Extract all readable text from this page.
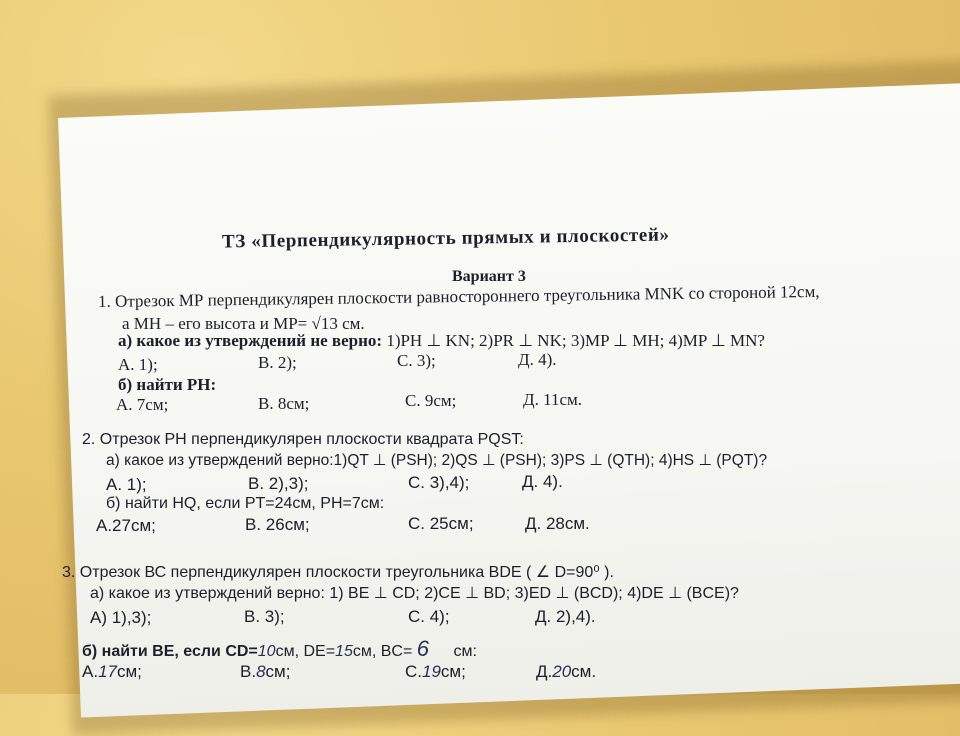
ТЗ «Перпендикулярность прямых и плоскостей»
Вариант 3
1. Отрезок МР перпендикулярен плоскости равностороннего треугольника MNK со стороной 12см,
а МН – его высота и MP= √13 см.
а) какое из утверждений не верно: 1)PH ⊥ KN; 2)PR ⊥ NK; 3)MP ⊥ MH; 4)MP ⊥ MN?
A. 1);	B. 2);	C. 3);	Д. 4).
б) найти РН:
А. 7см;	В. 8см;	С. 9см;	Д. 11см.
2. Отрезок РН перпендикулярен плоскости квадрата PQST:
а) какое из утверждений верно:1)QT ⊥ (PSH); 2)QS ⊥ (PSH); 3)PS ⊥ (QTH); 4)HS ⊥ (PQT)?
A. 1);	B. 2),3);	C. 3),4);	Д. 4).
б) найти HQ, если PT=24см, PH=7см:
A.27см;	B. 26см;	C. 25см;	Д. 28см.
3. Отрезок ВС перпендикулярен плоскости треугольника BDE ( ∠ D=90⁰ ).
а) какое из утверждений верно: 1) BE ⊥ CD; 2)CE ⊥ BD; 3)ED ⊥ (BCD); 4)DE ⊥ (BCE)?
A) 1),3);	B. 3);	C. 4);	Д. 2),4).
б) найти ВЕ, если CD=10см, DE=15см, BC= 6 см:
A.17см;	B.8см;	C.19см;	Д.20см.
